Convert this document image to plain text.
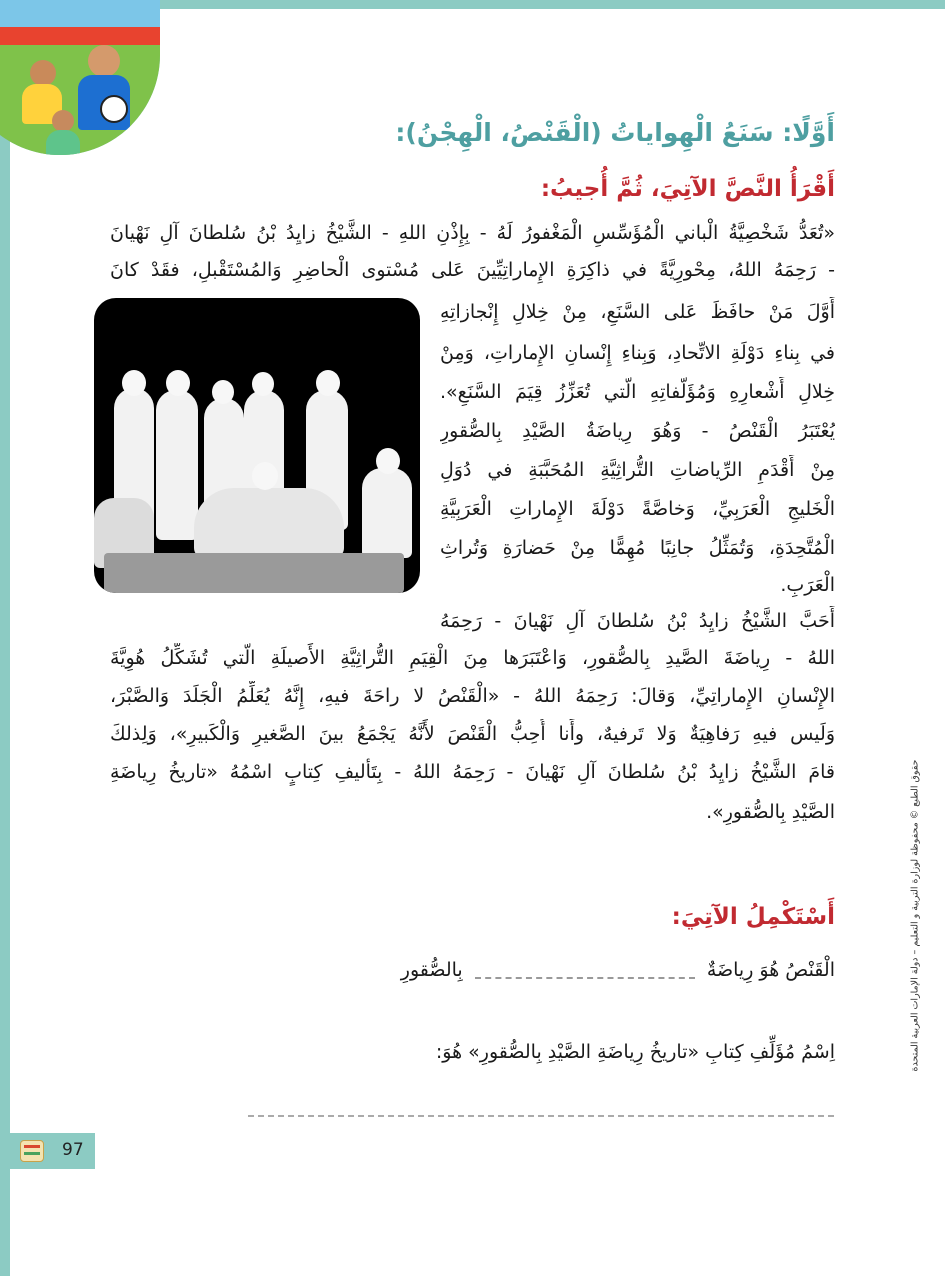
أَوَّلًا: سَنَعُ الْهِواياتُ (الْقَنْصُ، الْهِجْنُ):
أَقْرَأُ النَّصَّ الآتِيَ، ثُمَّ أُجيبُ:
«تُعَدُّ شَخْصِيَّةُ الْباني الْمُؤَسِّسِ الْمَغْفورُ لَهُ - بِإِذْنِ اللهِ - الشَّيْخُ زايِدُ بْنُ سُلطانَ آلِ نَهْيانَ
- رَحِمَهُ اللهُ، مِحْورِيَّةً في ذاكِرَةِ الإِماراتِيِّينَ عَلى مُسْتوى الْحاضِرِ وَالمُسْتَقْبلِ، فقَدْ كانَ
أَوَّلَ مَنْ حافَظَ عَلى السَّنَعِ، مِنْ خِلالِ إِنْجازاتِهِ
في بِناءِ دَوْلَةِ الاتِّحادِ، وَبِناءِ إِنْسانِ الإِماراتِ، وَمِنْ
خِلالِ أَشْعارِهِ وَمُؤَلَّفاتِهِ الَّتي تُعَزِّزُ قِيَمَ السَّنَعِ».
يُعْتَبَرُ الْقَنْصُ - وَهُوَ رِياضَةُ الصَّيْدِ بِالصُّقورِ
مِنْ أَقْدَمِ الرِّياضاتِ التُّراثِيَّةِ المُحَبَّبَةِ في دُوَلِ
الْخَليجِ الْعَرَبِيِّ، وَخاصَّةً دَوْلَةَ الإِماراتِ الْعَرَبِيَّةِ
الْمُتَّحِدَةِ، وَتُمَثِّلُ جانِبًا مُهِمًّا مِنْ حَضارَةِ وَتُراثِ
الْعَرَبِ.
أَحَبَّ الشَّيْخُ زايِدُ بْنُ سُلطانَ آلِ نَهْيانَ - رَحِمَهُ
اللهُ - رِياضَةَ الصَّيدِ بِالصُّقورِ، وَاعْتَبَرَها مِنَ الْقِيَمِ التُّراثِيَّةِ الأَصيلَةِ الَّتي تُشَكِّلُ هُوِيَّةَ
الإِنْسانِ الإِماراتِيِّ، وَقالَ: رَحِمَهُ اللهُ - «الْقَنْصُ لا راحَةَ فيهِ، إِنَّهُ يُعَلِّمُ الْجَلَدَ وَالصَّبْرَ،
وَلَيس فيهِ رَفاهِيَةٌ وَلا تَرفيهٌ، وأَنا أُحِبُّ الْقَنْصَ لأَنَّهُ يَجْمَعُ بينَ الصَّغيرِ وَالْكَبيرِ»، وَلِذلكَ
قامَ الشَّيْخُ زايِدُ بْنُ سُلطانَ آلِ نَهْيانَ - رَحِمَهُ اللهُ - بِتَأْليفِ كِتابٍ اسْمُهُ «تاريخُ رِياضَةِ
الصَّيْدِ بِالصُّقورِ».	حقوق الطبع © محفوظة لوزارة التربية و التعليم – دولة الإمارات العربية المتحدة
أَسْتَكْمِلُ الآتِيَ:
الْقَنْصُ هُوَ رِياضَةٌ  بِالصُّقورِ
اِسْمُ مُؤَلِّفِ كِتابِ «تاريخُ رِياضَةِ الصَّيْدِ بِالصُّقورِ» هُوَ:
97
